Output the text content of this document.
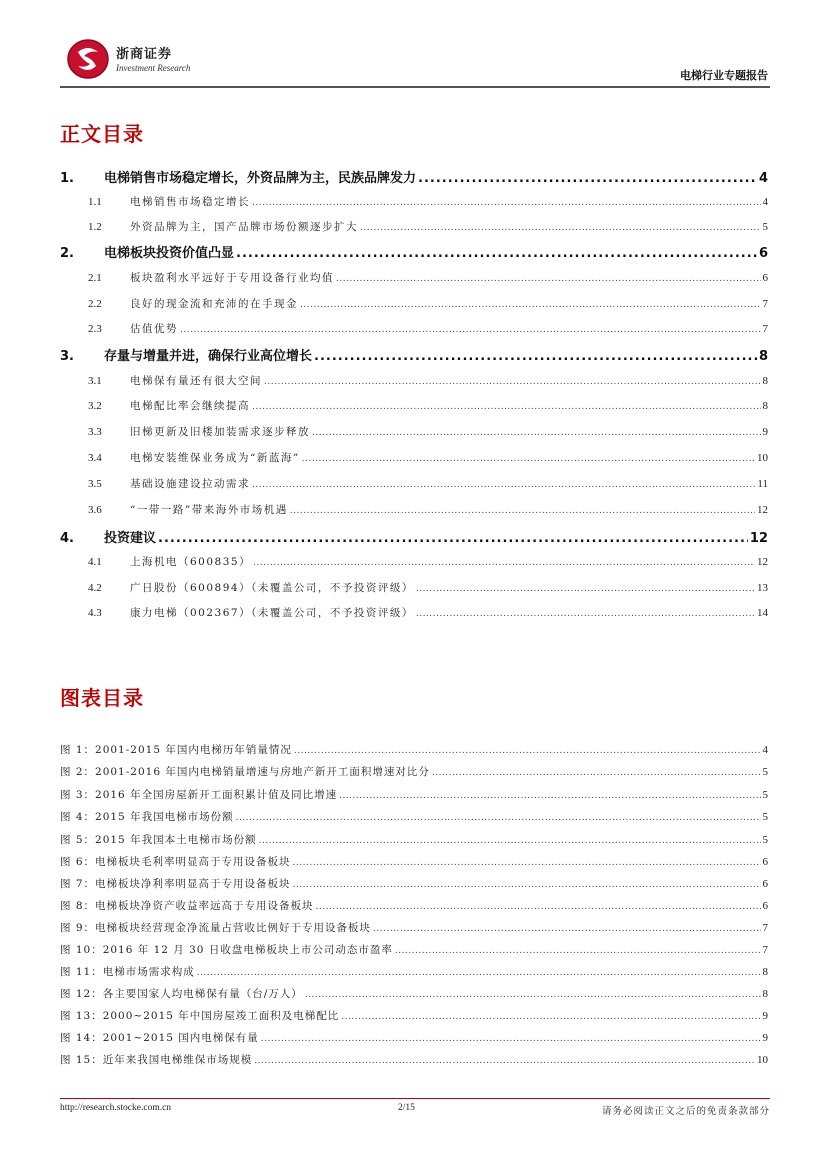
浙商证券
Investment Research
电梯行业专题报告
正文目录
1.	电梯销售市场稳定增长，外资品牌为主，民族品牌发力 .....	4
1.1	电梯销售市场稳定增长 .....	4
1.2	外资品牌为主，国产品牌市场份额逐步扩大 .....	5
2.	电梯板块投资价值凸显 .....	6
2.1	板块盈利水平远好于专用设备行业均值 .....	6
2.2	良好的现金流和充沛的在手现金 .....	7
2.3	估值优势 .....	7
3.	存量与增量并进，确保行业高位增长 .....	8
3.1	电梯保有量还有很大空间 .....	8
3.2	电梯配比率会继续提高 .....	8
3.3	旧梯更新及旧楼加装需求逐步释放 .....	9
3.4	电梯安装维保业务成为“新蓝海” .....	10
3.5	基础设施建设拉动需求 .....	11
3.6	“一带一路”带来海外市场机遇 .....	12
4.	投资建议 .....	12
4.1	上海机电（600835） .....	12
4.2	广日股份（600894）（未覆盖公司，不予投资评级） .....	13
4.3	康力电梯（002367）（未覆盖公司，不予投资评级） .....	14
图表目录
图 1：2001-2015 年国内电梯历年销量情况 .....	4
图 2：2001-2016 年国内电梯销量增速与房地产新开工面积增速对比分 .....	5
图 3：2016 年全国房屋新开工面积累计值及同比增速 .....	5
图 4：2015 年我国电梯市场份额 .....	5
图 5：2015 年我国本土电梯市场份额 .....	5
图 6：电梯板块毛利率明显高于专用设备板块 .....	6
图 7：电梯板块净利率明显高于专用设备板块 .....	6
图 8：电梯板块净资产收益率远高于专用设备板块 .....	6
图 9：电梯板块经营现金净流量占营收比例好于专用设备板块 .....	7
图 10：2016 年 12 月 30 日收盘电梯板块上市公司动态市盈率 .....	7
图 11：电梯市场需求构成 .....	8
图 12：各主要国家人均电梯保有量（台/万人） .....	8
图 13：2000~2015 年中国房屋竣工面积及电梯配比 .....	9
图 14：2001~2015 国内电梯保有量 .....	9
图 15：近年来我国电梯维保市场规模 .....	10
http://research.stocke.com.cn	2/15	请务必阅读正文之后的免责条款部分
